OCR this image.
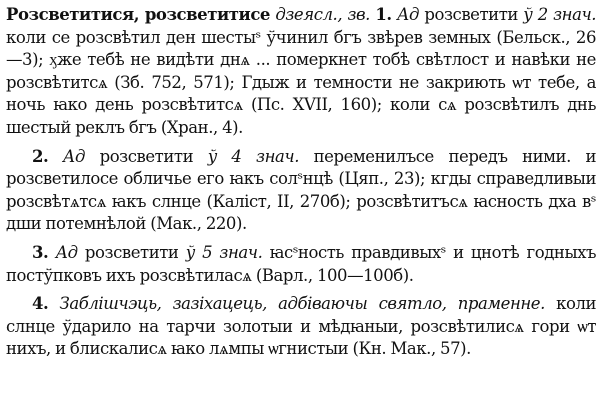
Розсветитися, розсветитисе дзеясл., зв. 1. Ад розсветити ў 2 знач. коли се розсвѣтил ден шестыˢ ўчинил бгъ звѣрев земных (Бельск., 26—3); ӽже тебѣ не видѣти днѧ ... померкнет тобѣ свѣтлост и навѣки не розсвѣтитсѧ (Зб. 752, 571); Гдыж и темности не закриють ѡт тебе, а ночь ꙗко день розсвѣтитсѧ (Пс. XVII, 160); коли сѧ розсвѣтилъ днь шестый реклъ бгъ (Хран., 4).

2. Ад розсветити ў 4 знач. переменилъсе передъ ними. и розсветилосе обличье его ꙗкъ солˢнцѣ (Цяп., 23); кгды справедливыи розсвѣтѧтсѧ ꙗкъ слнце (Каліст, II, 270б); розсвѣтитъсѧ ꙗсность дха вˢ дши потемнѣлой (Мак., 220).

3. Ад розсветити ў 5 знач. ꙗсˢность правдивыхˢ и цнотѣ годныхъ постўпковъ ихъ розсвѣтиласѧ (Варл., 100—100б).

4. Заблішчэць, зазіхацець, адбіваючы святло, праменне. коли слнце ўдарило на тарчи золотыи и мѣдꙗныи, розсвѣтилисѧ гори ѡт нихъ, и блискалисѧ ꙗко лѧмпы ѡгнистыи (Кн. Мак., 57).
